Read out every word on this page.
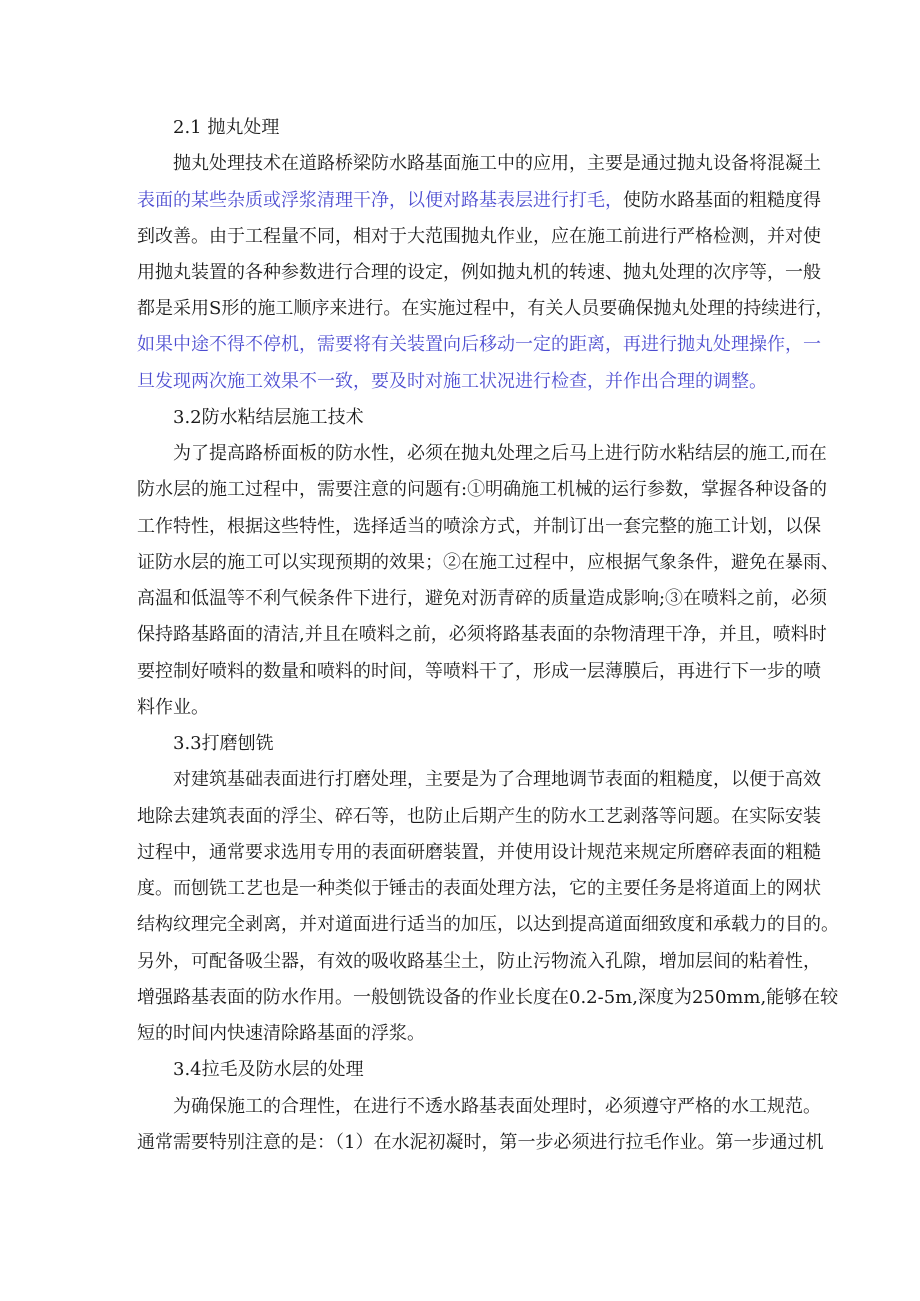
2.1 抛丸处理
抛丸处理技术在道路桥梁防水路基面施工中的应用，主要是通过抛丸设备将混凝土
表面的某些杂质或浮浆清理干净，以便对路基表层进行打毛，使防水路基面的粗糙度得
到改善。由于工程量不同，相对于大范围抛丸作业，应在施工前进行严格检测，并对使
用抛丸装置的各种参数进行合理的设定，例如抛丸机的转速、抛丸处理的次序等，一般
都是采用S形的施工顺序来进行。在实施过程中，有关人员要确保抛丸处理的持续进行，
如果中途不得不停机，需要将有关装置向后移动一定的距离，再进行抛丸处理操作，一
旦发现两次施工效果不一致，要及时对施工状况进行检查，并作出合理的调整。
3.2防水粘结层施工技术
为了提高路桥面板的防水性，必须在抛丸处理之后马上进行防水粘结层的施工,而在
防水层的施工过程中，需要注意的问题有:①明确施工机械的运行参数，掌握各种设备的
工作特性，根据这些特性，选择适当的喷涂方式，并制订出一套完整的施工计划，以保
证防水层的施工可以实现预期的效果；②在施工过程中，应根据气象条件，避免在暴雨、
高温和低温等不利气候条件下进行，避免对沥青碎的质量造成影响;③在喷料之前，必须
保持路基路面的清洁,并且在喷料之前，必须将路基表面的杂物清理干净，并且，喷料时
要控制好喷料的数量和喷料的时间，等喷料干了，形成一层薄膜后，再进行下一步的喷
料作业。
3.3打磨刨铣
对建筑基础表面进行打磨处理，主要是为了合理地调节表面的粗糙度，以便于高效
地除去建筑表面的浮尘、碎石等，也防止后期产生的防水工艺剥落等问题。在实际安装
过程中，通常要求选用专用的表面研磨装置，并使用设计规范来规定所磨碎表面的粗糙
度。而刨铣工艺也是一种类似于锤击的表面处理方法，它的主要任务是将道面上的网状
结构纹理完全剥离，并对道面进行适当的加压，以达到提高道面细致度和承载力的目的。
另外，可配备吸尘器，有效的吸收路基尘土，防止污物流入孔隙，增加层间的粘着性，
增强路基表面的防水作用。一般刨铣设备的作业长度在0.2-5m,深度为250mm,能够在较
短的时间内快速清除路基面的浮浆。
3.4拉毛及防水层的处理
为确保施工的合理性，在进行不透水路基表面处理时，必须遵守严格的水工规范。
通常需要特别注意的是：（1）在水泥初凝时，第一步必须进行拉毛作业。第一步通过机
